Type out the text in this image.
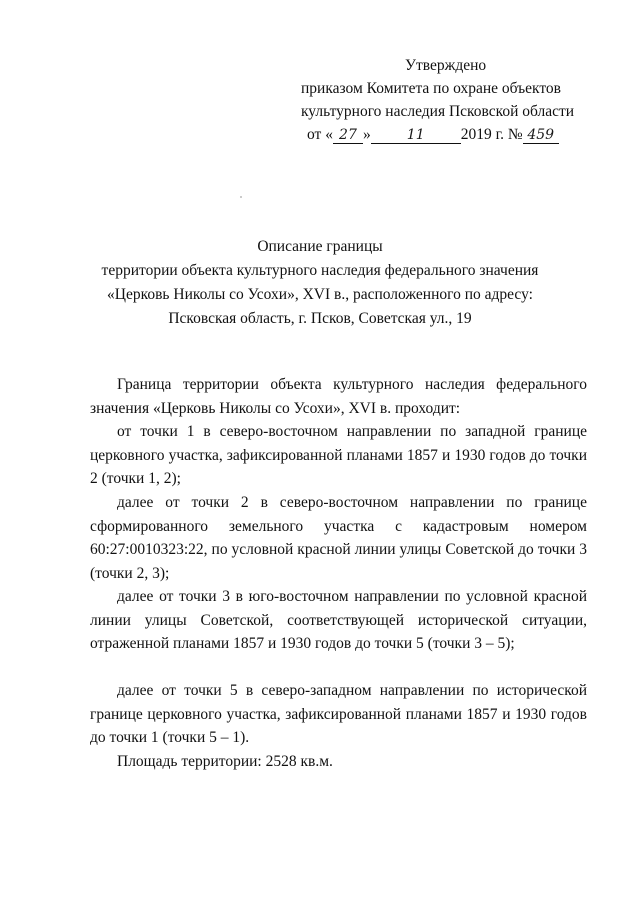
Утверждено
приказом Комитета по охране объектов
культурного наследия Псковской области
от « 27 »	11 2019 г. № 459
Описание границы
территории объекта культурного наследия федерального значения
«Церковь Николы со Усохи», XVI в., расположенного по адресу:
Псковская область, г. Псков, Советская ул., 19

Граница территории объекта культурного наследия федерального значения «Церковь Николы со Усохи», XVI в. проходит:

от точки 1 в северо-восточном направлении по западной границе церковного участка, зафиксированной планами 1857 и 1930 годов до точки 2 (точки 1, 2);

далее от точки 2 в северо-восточном направлении по границе сформированного земельного участка с кадастровым номером 60:27:0010323:22, по условной красной линии улицы Советской до точки 3 (точки 2, 3);

далее от точки 3 в юго-восточном направлении по условной красной линии улицы Советской, соответствующей исторической ситуации, отраженной планами 1857 и 1930 годов до точки 5 (точки 3 – 5);

далее от точки 5 в северо-западном направлении по исторической границе церковного участка, зафиксированной планами 1857 и 1930 годов до точки 1 (точки 5 – 1).

Площадь территории: 2528 кв.м.
